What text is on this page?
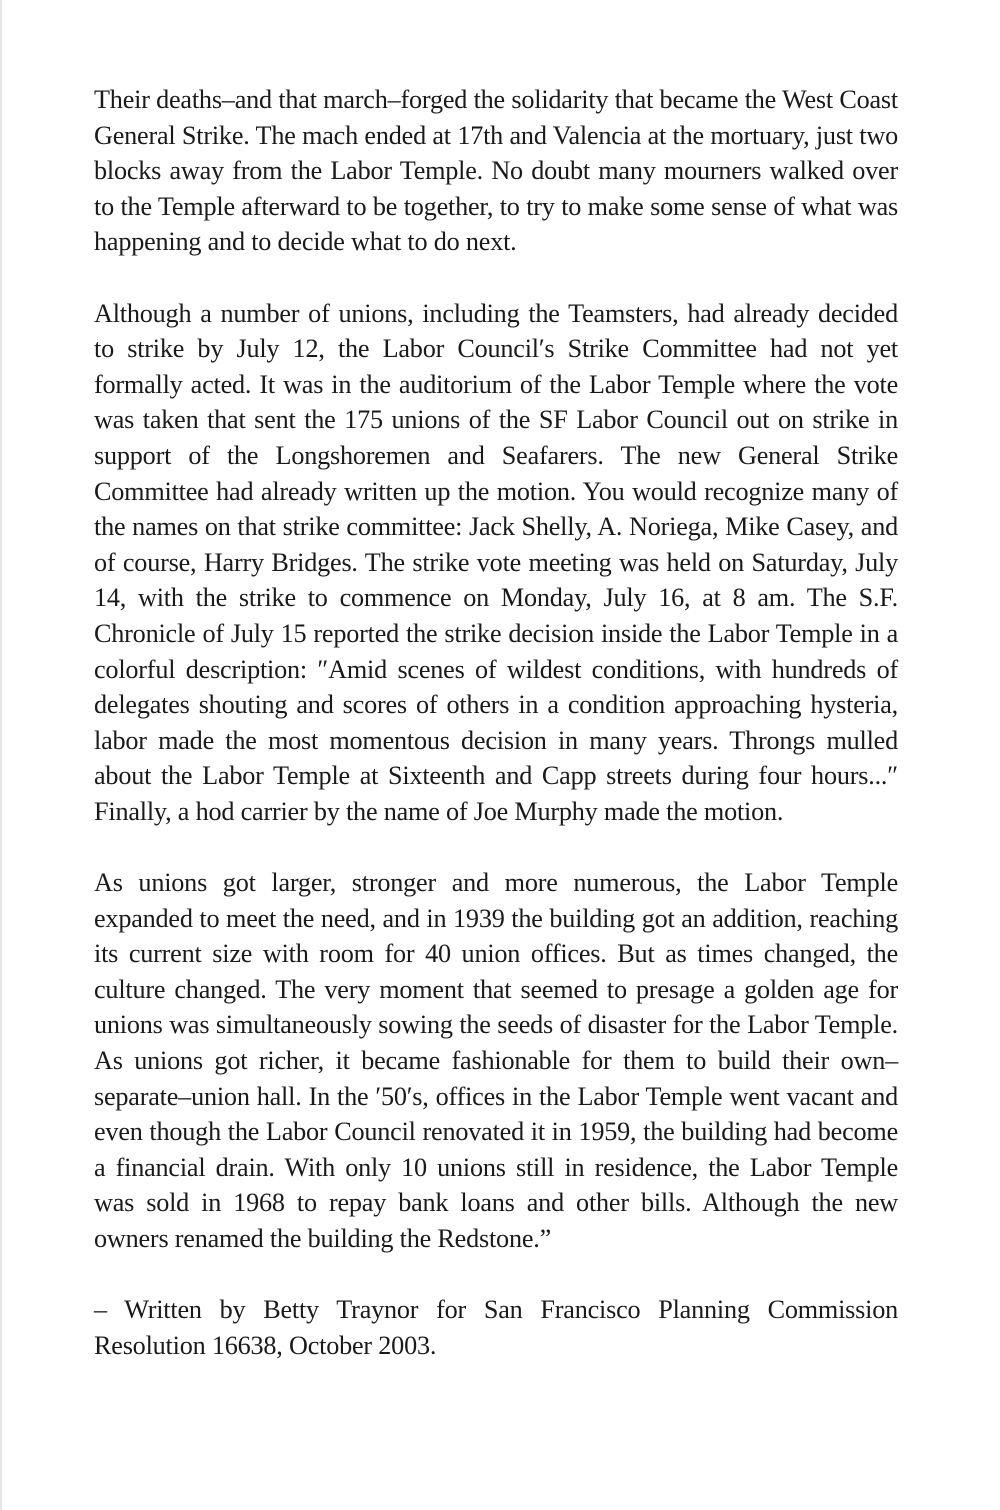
Their deaths–and that march–forged the solidarity that became the West Coast General Strike. The mach ended at 17th and Valencia at the mortuary, just two blocks away from the Labor Temple. No doubt many mourners walked over to the Temple afterward to be together, to try to make some sense of what was happening and to decide what to do next.

Although a number of unions, including the Teamsters, had already decided to strike by July 12, the Labor Council′s Strike Committee had not yet formally acted. It was in the auditorium of the Labor Temple where the vote was taken that sent the 175 unions of the SF Labor Council out on strike in support of the Longshoremen and Seafarers. The new General Strike Committee had already written up the motion. You would recognize many of the names on that strike committee: Jack Shelly, A. Noriega, Mike Casey, and of course, Harry Bridges. The strike vote meeting was held on Saturday, July 14, with the strike to commence on Monday, July 16, at 8 am. The S.F. Chronicle of July 15 reported the strike decision inside the Labor Temple in a colorful description: ″Amid scenes of wildest conditions, with hundreds of delegates shouting and scores of others in a condition approaching hysteria, labor made the most momentous decision in many years. Throngs mulled about the Labor Temple at Sixteenth and Capp streets during four hours...″ Finally, a hod carrier by the name of Joe Murphy made the motion.

As unions got larger, stronger and more numerous, the Labor Temple expanded to meet the need, and in 1939 the building got an addition, reaching its current size with room for 40 union offices. But as times changed, the culture changed. The very moment that seemed to presage a golden age for unions was simultaneously sowing the seeds of disaster for the Labor Temple. As unions got richer, it became fashionable for them to build their own– separate–union hall. In the ′50′s, offices in the Labor Temple went vacant and even though the Labor Council renovated it in 1959, the building had become a financial drain. With only 10 unions still in residence, the Labor Temple was sold in 1968 to repay bank loans and other bills. Although the new owners renamed the building the Redstone.”

– Written by Betty Traynor for San Francisco Planning Commission Resolution 16638, October 2003.
